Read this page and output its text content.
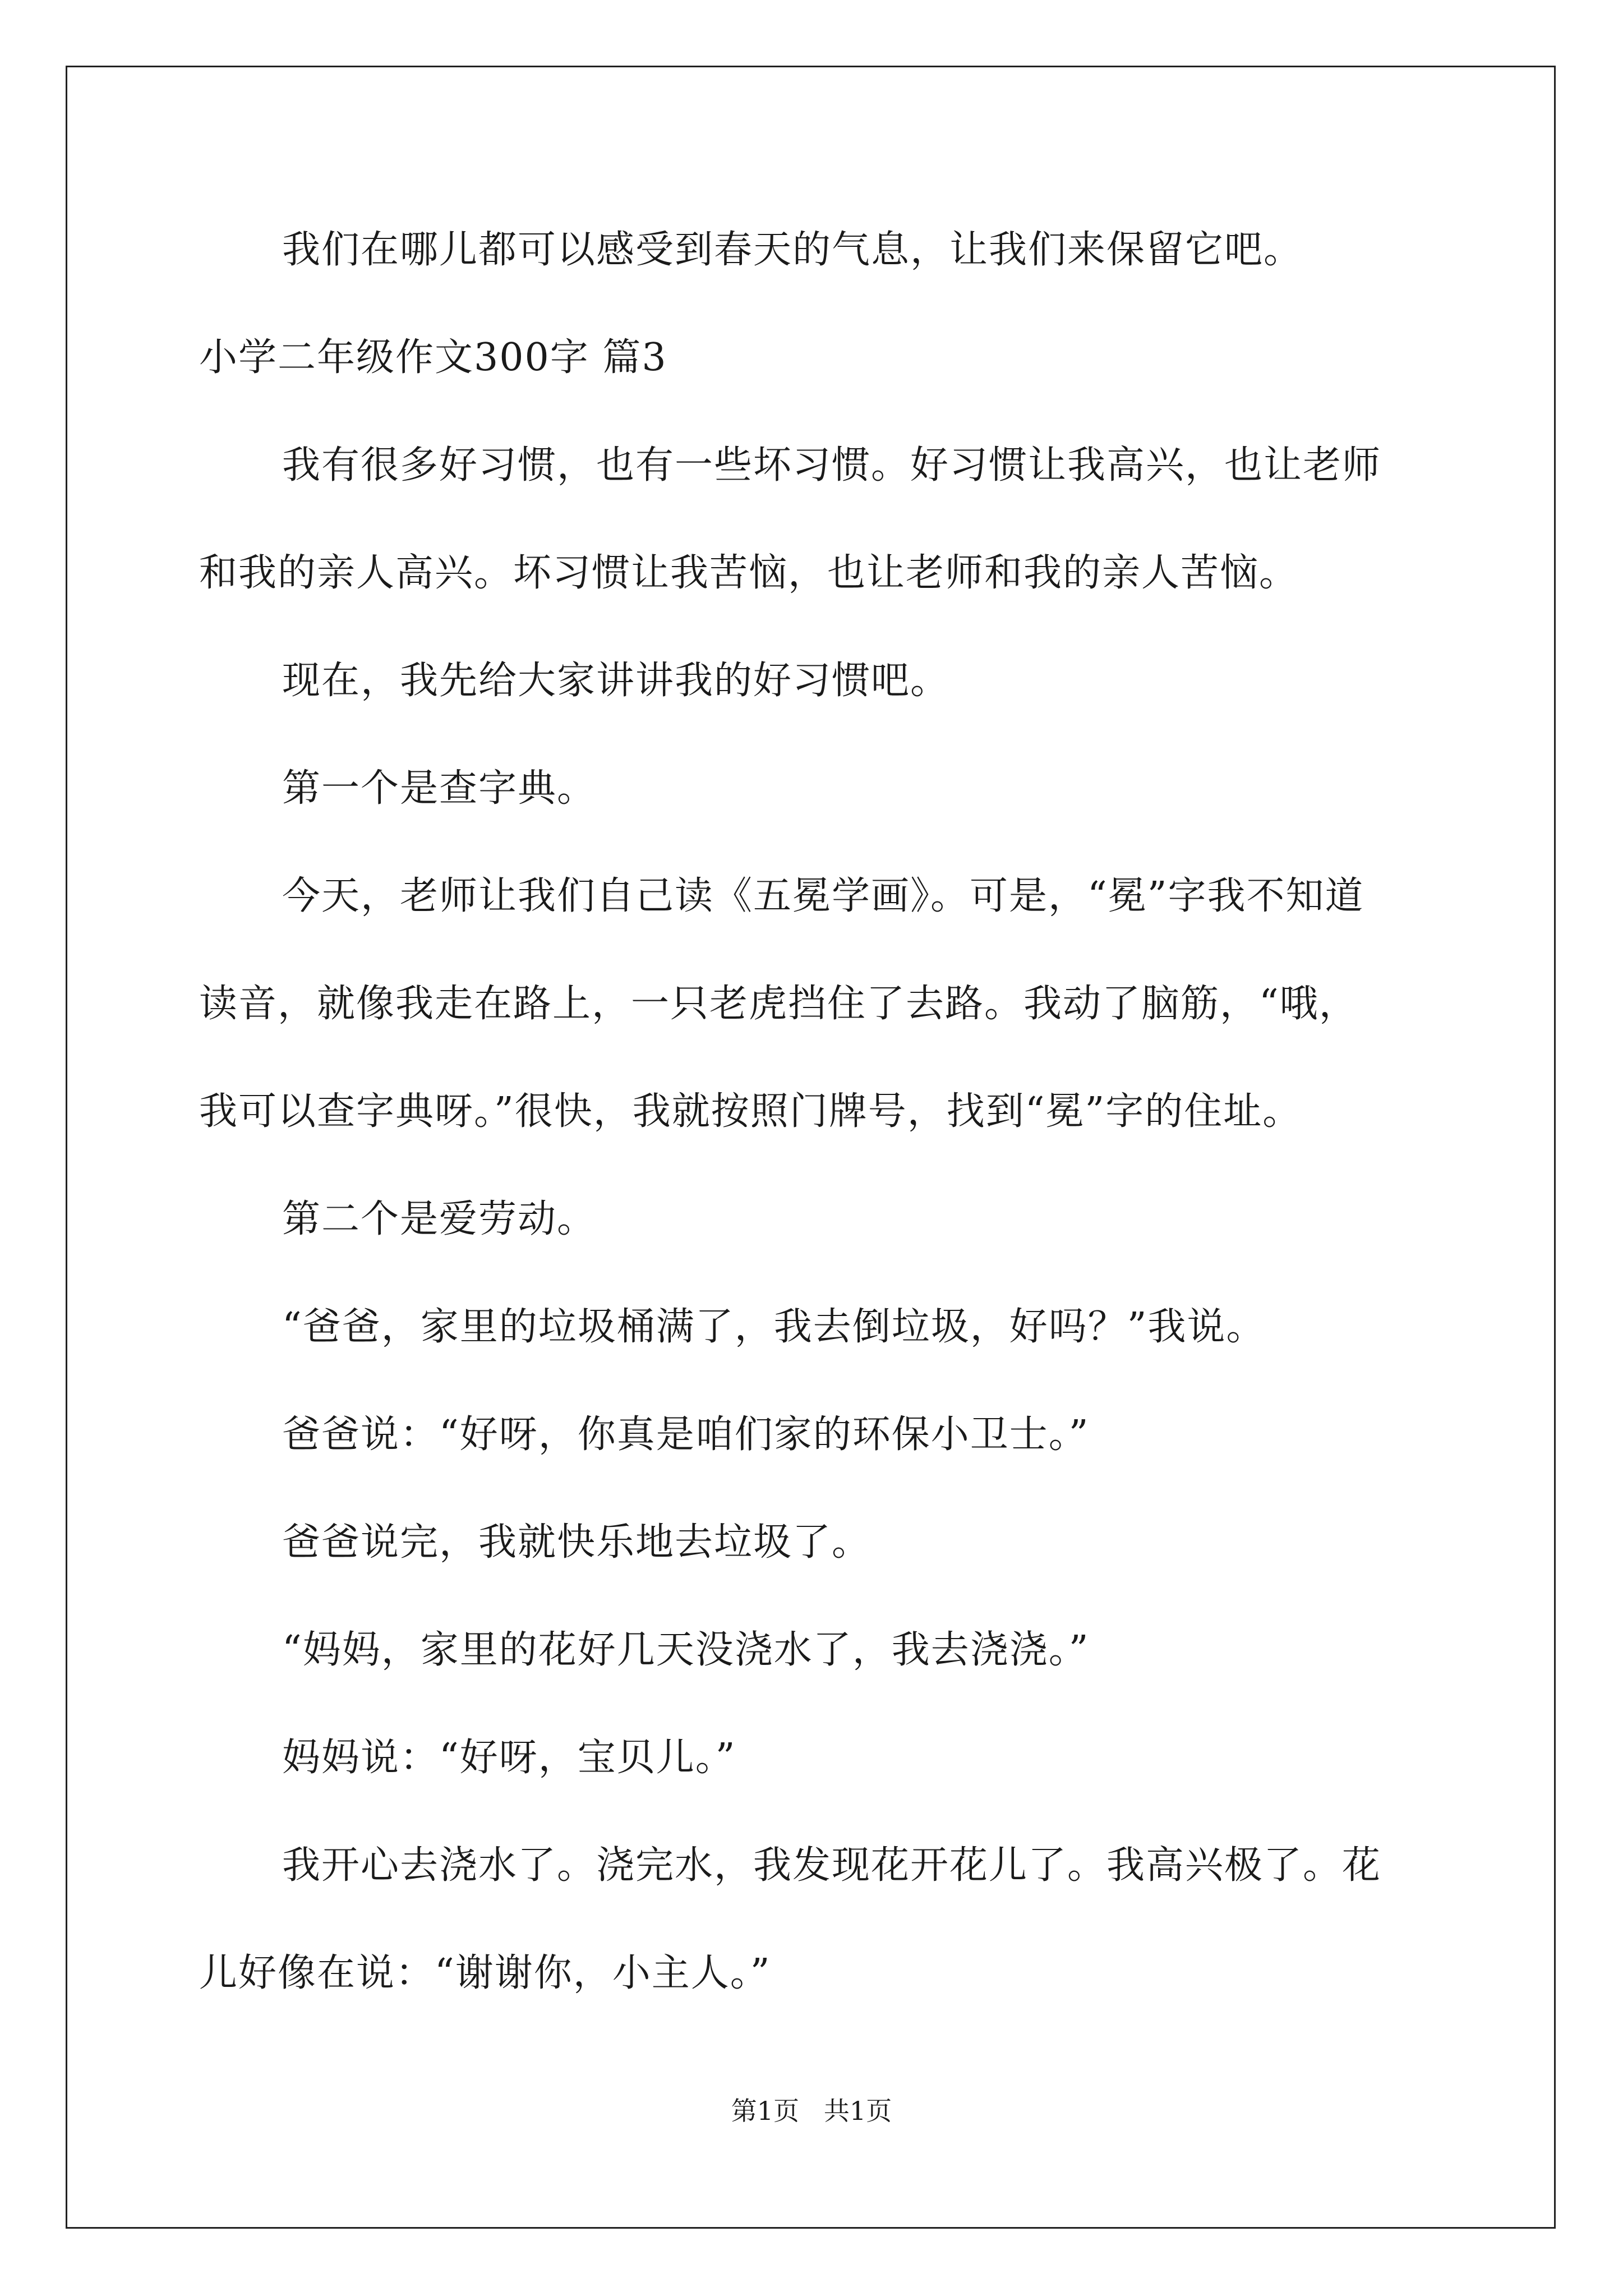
我们在哪儿都可以感受到春天的气息，让我们来保留它吧。
小学二年级作文300字 篇3
我有很多好习惯，也有一些坏习惯。好习惯让我高兴，也让老师
和我的亲人高兴。坏习惯让我苦恼，也让老师和我的亲人苦恼。
现在，我先给大家讲讲我的好习惯吧。
第一个是查字典。
今天，老师让我们自己读《五冕学画》。可是，“冕”字我不知道
读音，就像我走在路上，一只老虎挡住了去路。我动了脑筋，“哦，
我可以查字典呀。”很快，我就按照门牌号，找到“冕”字的住址。
第二个是爱劳动。
“爸爸，家里的垃圾桶满了，我去倒垃圾，好吗？”我说。
爸爸说：“好呀，你真是咱们家的环保小卫士。”
爸爸说完，我就快乐地去垃圾了。
“妈妈，家里的花好几天没浇水了，我去浇浇。”
妈妈说：“好呀，宝贝儿。”
我开心去浇水了。浇完水，我发现花开花儿了。我高兴极了。花
儿好像在说：“谢谢你，小主人。”
第1页   共1页
